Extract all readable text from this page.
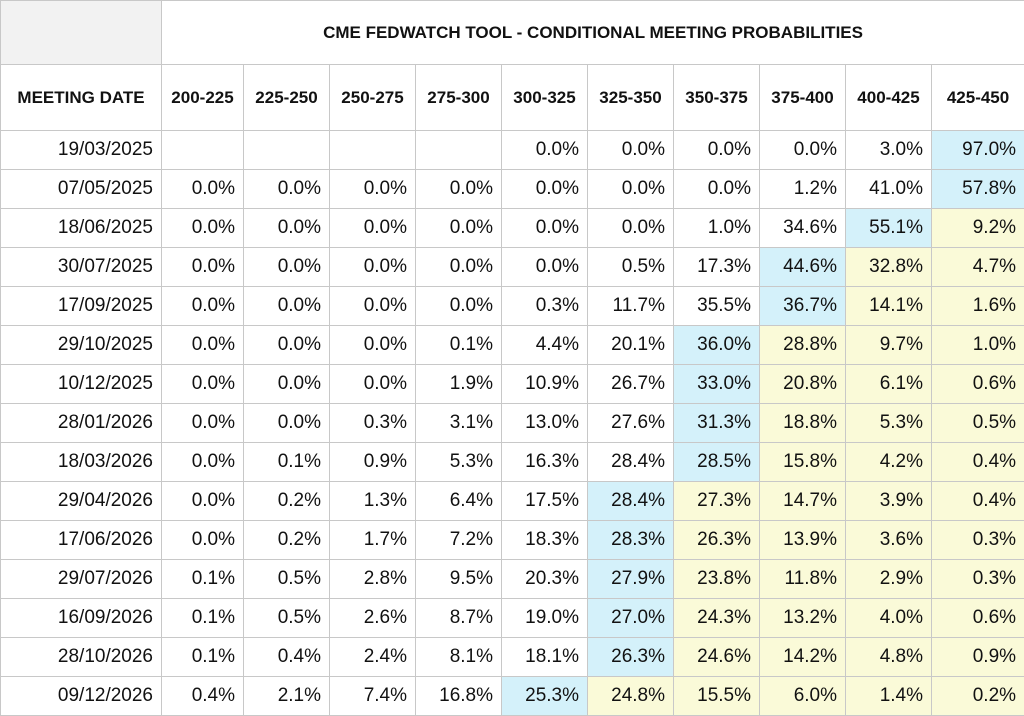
	CME FEDWATCH TOOL - CONDITIONAL MEETING PROBABILITIES									
MEETING DATE	200-225	225-250	250-275	275-300	300-325	325-350	350-375	375-400	400-425	425-450
19/03/2025					0.0%	0.0%	0.0%	0.0%	3.0%	97.0%
07/05/2025	0.0%	0.0%	0.0%	0.0%	0.0%	0.0%	0.0%	1.2%	41.0%	57.8%
18/06/2025	0.0%	0.0%	0.0%	0.0%	0.0%	0.0%	1.0%	34.6%	55.1%	9.2%
30/07/2025	0.0%	0.0%	0.0%	0.0%	0.0%	0.5%	17.3%	44.6%	32.8%	4.7%
17/09/2025	0.0%	0.0%	0.0%	0.0%	0.3%	11.7%	35.5%	36.7%	14.1%	1.6%
29/10/2025	0.0%	0.0%	0.0%	0.1%	4.4%	20.1%	36.0%	28.8%	9.7%	1.0%
10/12/2025	0.0%	0.0%	0.0%	1.9%	10.9%	26.7%	33.0%	20.8%	6.1%	0.6%
28/01/2026	0.0%	0.0%	0.3%	3.1%	13.0%	27.6%	31.3%	18.8%	5.3%	0.5%
18/03/2026	0.0%	0.1%	0.9%	5.3%	16.3%	28.4%	28.5%	15.8%	4.2%	0.4%
29/04/2026	0.0%	0.2%	1.3%	6.4%	17.5%	28.4%	27.3%	14.7%	3.9%	0.4%
17/06/2026	0.0%	0.2%	1.7%	7.2%	18.3%	28.3%	26.3%	13.9%	3.6%	0.3%
29/07/2026	0.1%	0.5%	2.8%	9.5%	20.3%	27.9%	23.8%	11.8%	2.9%	0.3%
16/09/2026	0.1%	0.5%	2.6%	8.7%	19.0%	27.0%	24.3%	13.2%	4.0%	0.6%
28/10/2026	0.1%	0.4%	2.4%	8.1%	18.1%	26.3%	24.6%	14.2%	4.8%	0.9%
09/12/2026	0.4%	2.1%	7.4%	16.8%	25.3%	24.8%	15.5%	6.0%	1.4%	0.2%
